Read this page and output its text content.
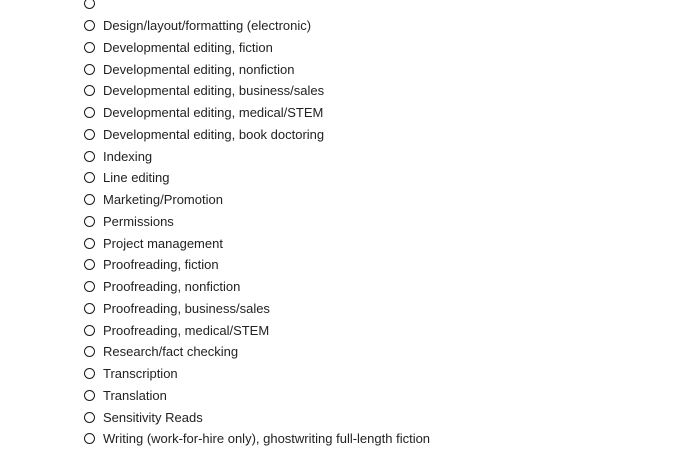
Design/layout/formatting (electronic)
Developmental editing, fiction
Developmental editing, nonfiction
Developmental editing, business/sales
Developmental editing, medical/STEM
Developmental editing, book doctoring
Indexing
Line editing
Marketing/Promotion
Permissions
Project management
Proofreading, fiction
Proofreading, nonfiction
Proofreading, business/sales
Proofreading, medical/STEM
Research/fact checking
Transcription
Translation
Sensitivity Reads
Writing (work-for-hire only), ghostwriting full-length fiction
